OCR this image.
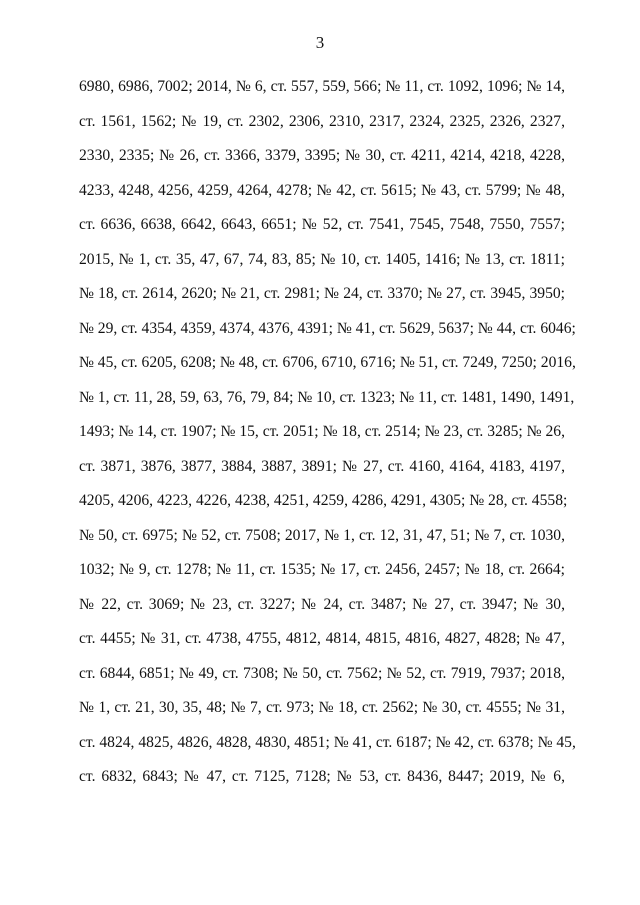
3
6980, 6986, 7002; 2014, № 6, ст. 557, 559, 566; № 11, ст. 1092, 1096; № 14,
ст. 1561, 1562; № 19, ст. 2302, 2306, 2310, 2317, 2324, 2325, 2326, 2327,
2330, 2335; № 26, ст. 3366, 3379, 3395; № 30, ст. 4211, 4214, 4218, 4228,
4233, 4248, 4256, 4259, 4264, 4278; № 42, ст. 5615; № 43, ст. 5799; № 48,
ст. 6636, 6638, 6642, 6643, 6651; № 52, ст. 7541, 7545, 7548, 7550, 7557;
2015, № 1, ст. 35, 47, 67, 74, 83, 85; № 10, ст. 1405, 1416; № 13, ст. 1811;
№ 18, ст. 2614, 2620; № 21, ст. 2981; № 24, ст. 3370; № 27, ст. 3945, 3950;
№ 29, ст. 4354, 4359, 4374, 4376, 4391; № 41, ст. 5629, 5637; № 44, ст. 6046;
№ 45, ст. 6205, 6208; № 48, ст. 6706, 6710, 6716; № 51, ст. 7249, 7250; 2016,
№ 1, ст. 11, 28, 59, 63, 76, 79, 84; № 10, ст. 1323; № 11, ст. 1481, 1490, 1491,
1493; № 14, ст. 1907; № 15, ст. 2051; № 18, ст. 2514; № 23, ст. 3285; № 26,
ст. 3871, 3876, 3877, 3884, 3887, 3891; № 27, ст. 4160, 4164, 4183, 4197,
4205, 4206, 4223, 4226, 4238, 4251, 4259, 4286, 4291, 4305; № 28, ст. 4558;
№ 50, ст. 6975; № 52, ст. 7508; 2017, № 1, ст. 12, 31, 47, 51; № 7, ст. 1030,
1032; № 9, ст. 1278; № 11, ст. 1535; № 17, ст. 2456, 2457; № 18, ст. 2664;
№ 22, ст. 3069; № 23, ст. 3227; № 24, ст. 3487; № 27, ст. 3947; № 30,
ст. 4455; № 31, ст. 4738, 4755, 4812, 4814, 4815, 4816, 4827, 4828; № 47,
ст. 6844, 6851; № 49, ст. 7308; № 50, ст. 7562; № 52, ст. 7919, 7937; 2018,
№ 1, ст. 21, 30, 35, 48; № 7, ст. 973; № 18, ст. 2562; № 30, ст. 4555; № 31,
ст. 4824, 4825, 4826, 4828, 4830, 4851; № 41, ст. 6187; № 42, ст. 6378; № 45,
ст. 6832, 6843; № 47, ст. 7125, 7128; № 53, ст. 8436, 8447; 2019, № 6,
